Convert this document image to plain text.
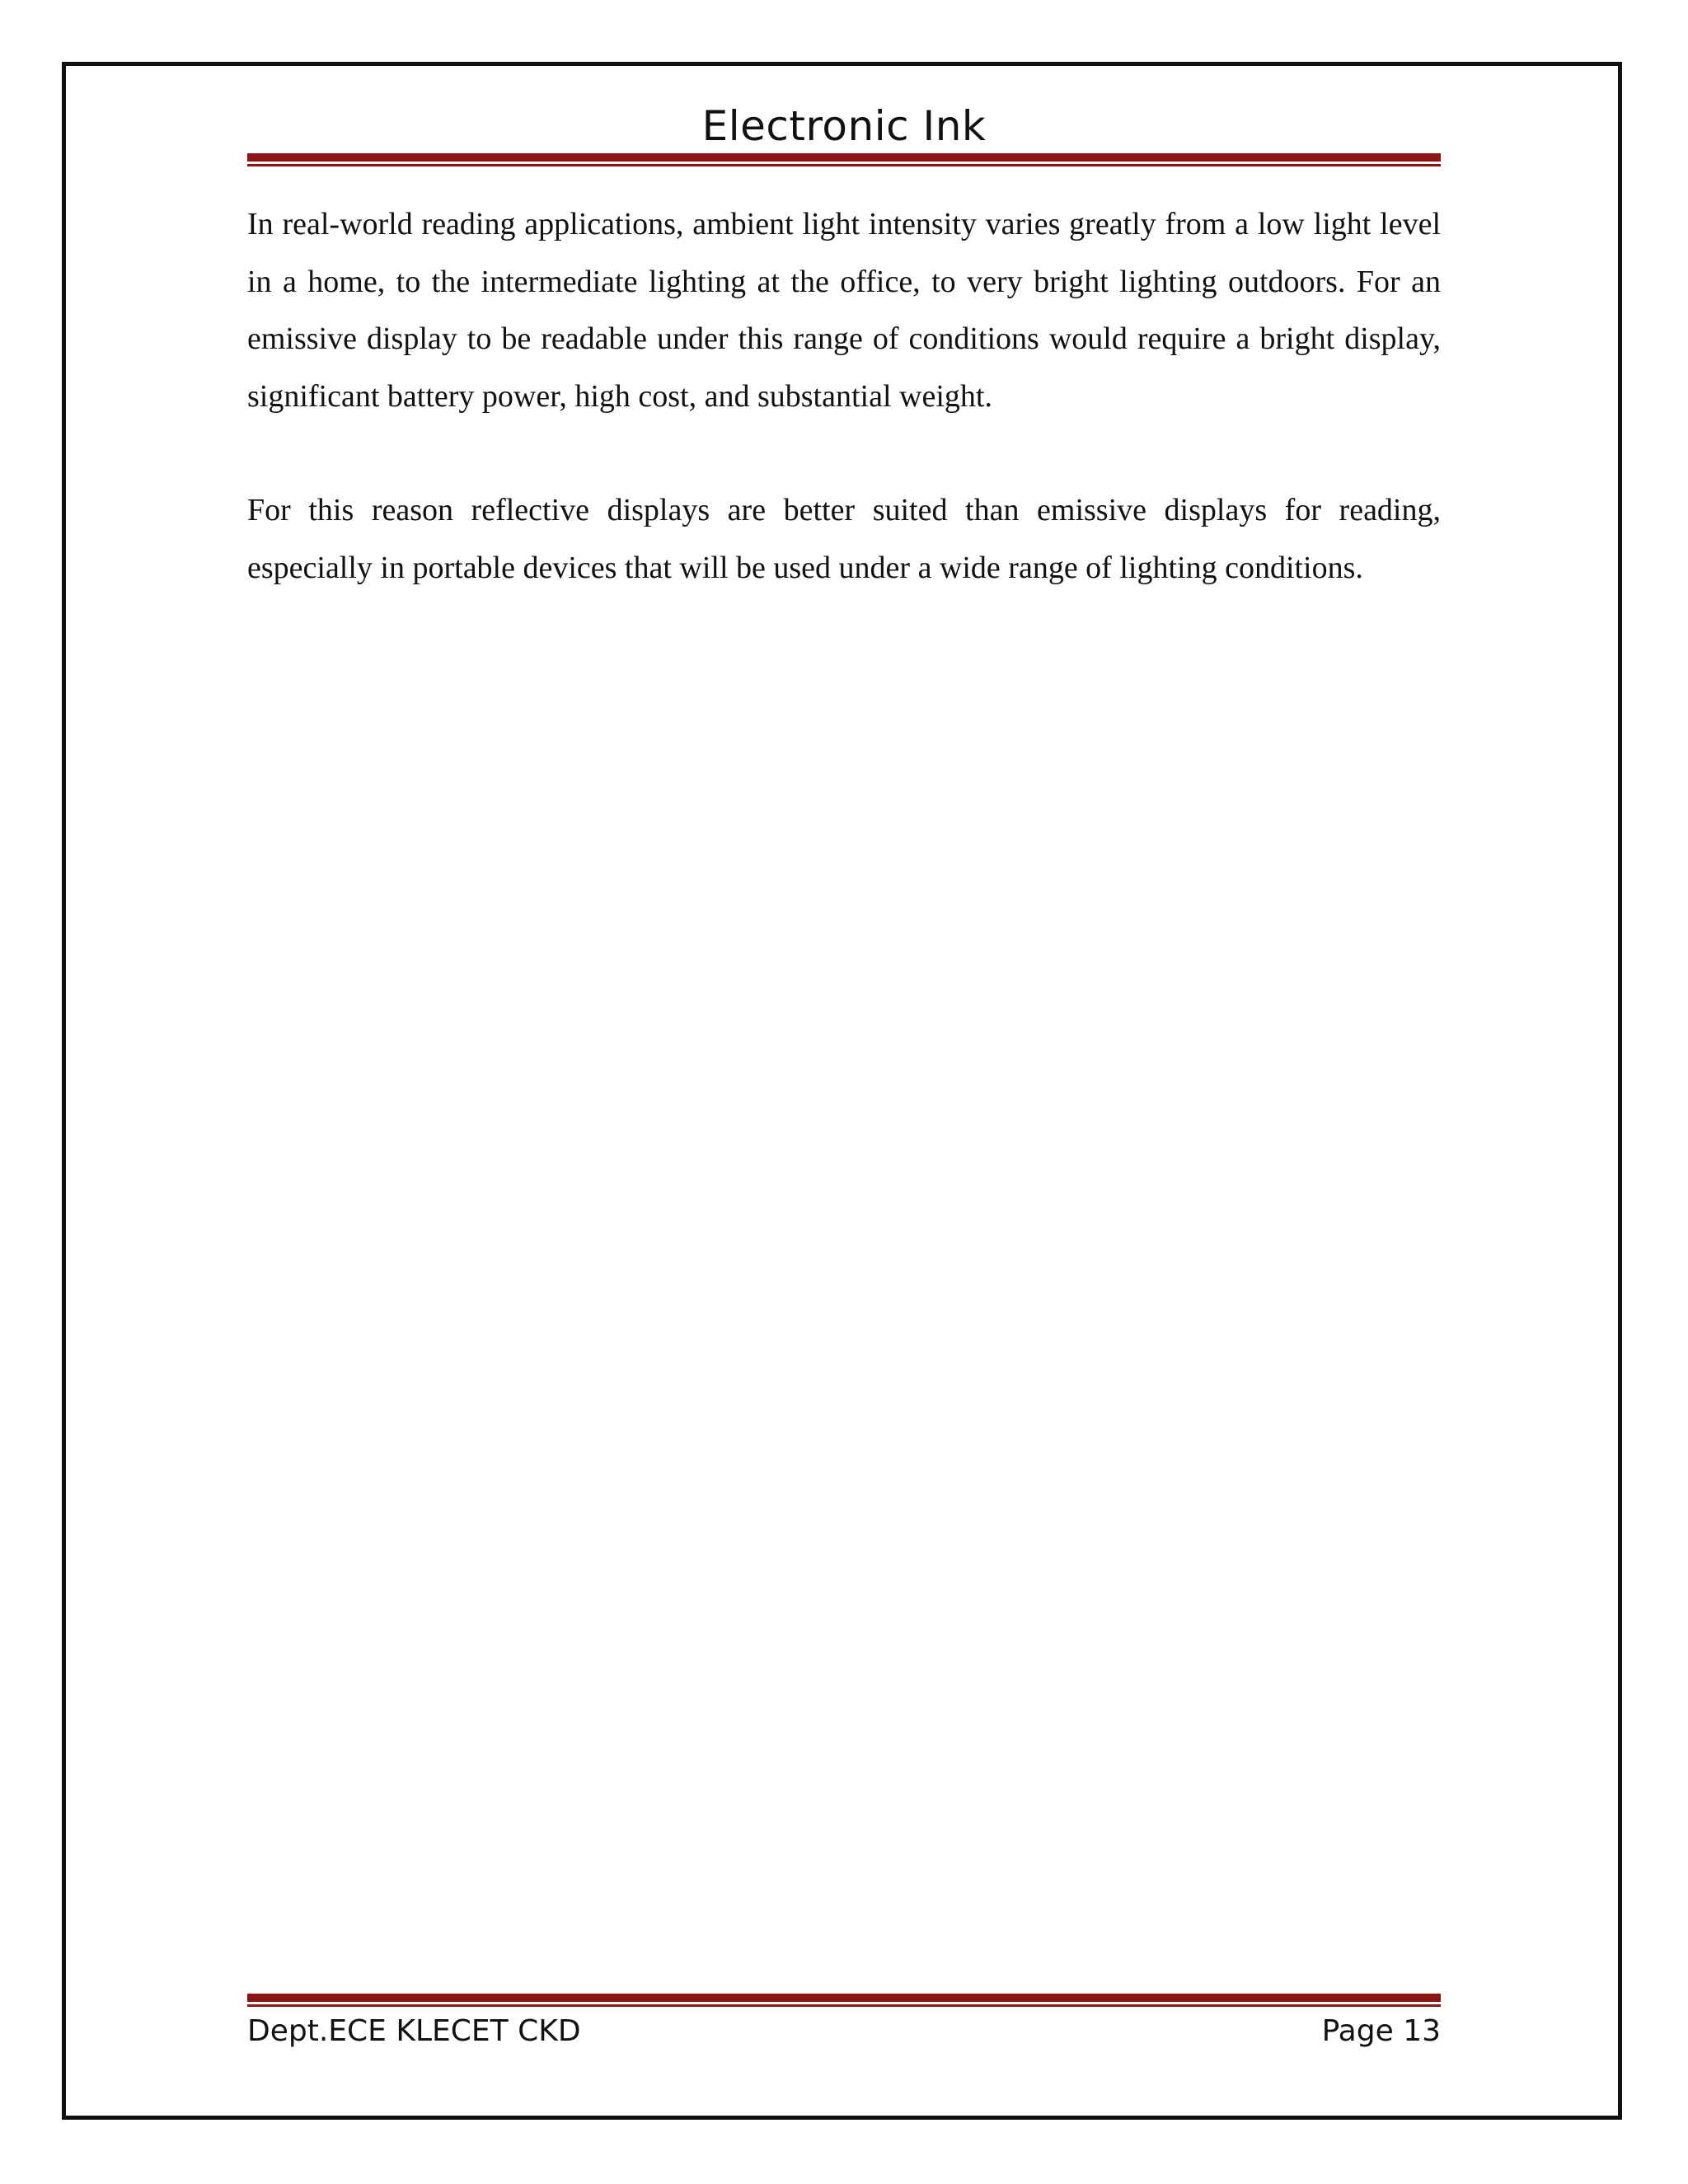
Electronic Ink

In real-world reading applications, ambient light intensity varies greatly from a low light level in a home, to the intermediate lighting at the office, to very bright lighting outdoors. For an emissive display to be readable under this range of conditions would require a bright display, significant battery power, high cost, and substantial weight.

For this reason reflective displays are better suited than emissive displays for reading, especially in portable devices that will be used under a wide range of lighting conditions.

Dept.ECE KLECET CKD	Page 13
